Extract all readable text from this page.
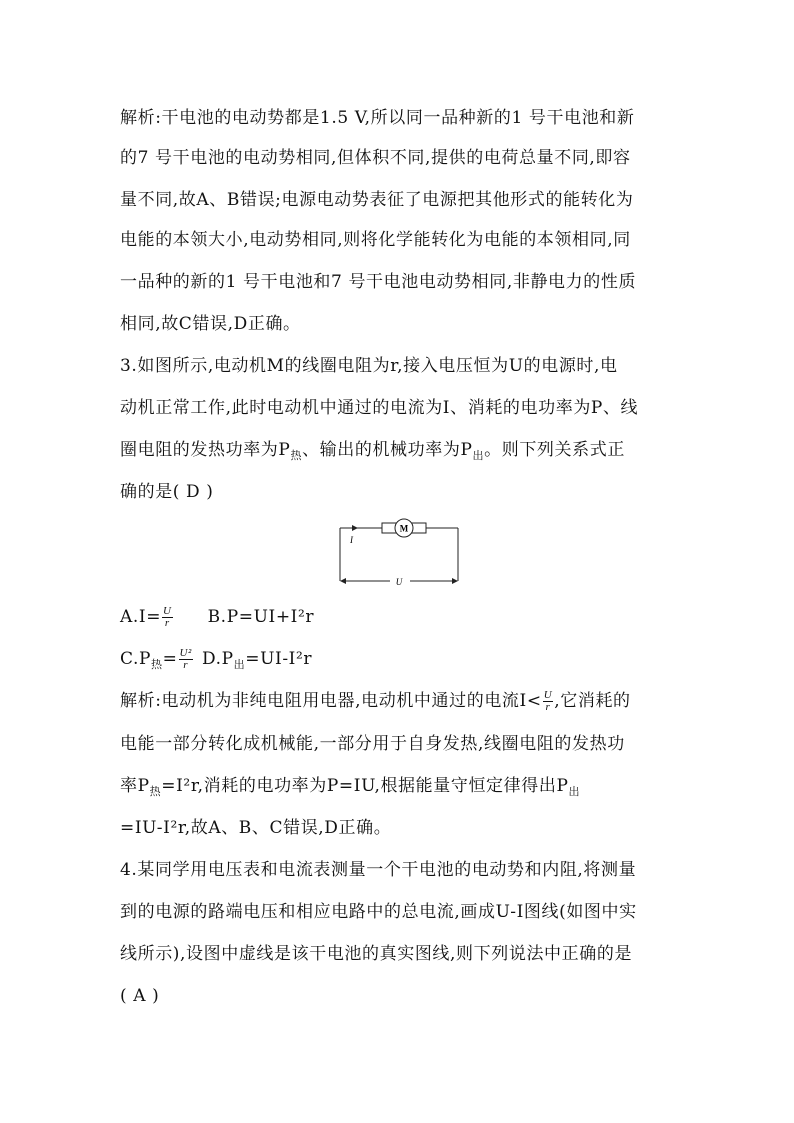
解析:干电池的电动势都是1.5 V,所以同一品种新的1 号干电池和新
的7 号干电池的电动势相同,但体积不同,提供的电荷总量不同,即容
量不同,故A、B错误;电源电动势表征了电源把其他形式的能转化为
电能的本领大小,电动势相同,则将化学能转化为电能的本领相同,同
一品种的新的1 号干电池和7 号干电池电动势相同,非静电力的性质
相同,故C错误,D正确。
3.如图所示,电动机M的线圈电阻为r,接入电压恒为U的电源时,电
动机正常工作,此时电动机中通过的电流为I、消耗的电功率为P、线
圈电阻的发热功率为$P_热$、输出的机械功率为$P_出$。则下列关系式正
确的是( D )
M
I
U
$A.I= \frac{U}{r} B.P=UI+I^2r$
$C.P_热= \frac{\text{U²}}{r} D.P_出=UI-I^2r$
解析:电动机为非纯电阻用电器,电动机中通过的电流$I< \frac{U}{r}$ ,它消耗的
电能一部分转化成机械能,一部分用于自身发热,线圈电阻的发热功
率$P_热=I^2r$,消耗的电功率为P=IU,根据能量守恒定律得出$P_出$
=IU-I²r,故A、B、C错误,D正确。
4.某同学用电压表和电流表测量一个干电池的电动势和内阻,将测量
到的电源的路端电压和相应电路中的总电流,画成U-I图线(如图中实
线所示),设图中虚线是该干电池的真实图线,则下列说法中正确的是
( A )
